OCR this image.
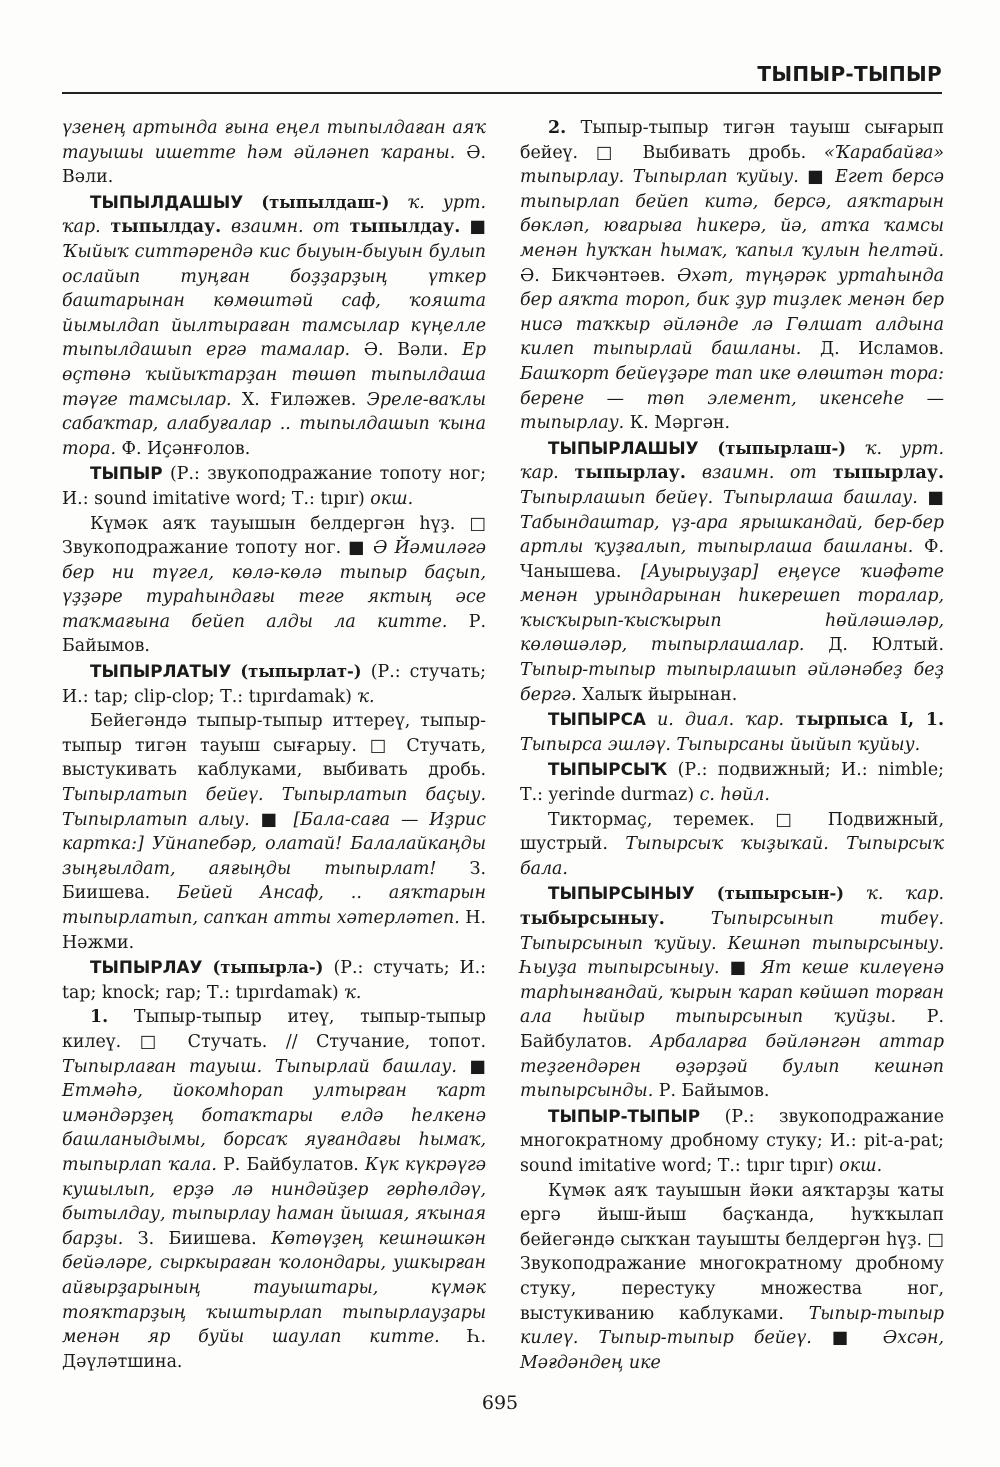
ТЫПЫР-ТЫПЫР

үзенең артында ғына еңел тыпылдаған аяҡ тауышы ишетте һәм әйләнеп ҡараны. Ә. Вәли.

ТЫПЫЛДАШЫУ (тыпылдаш-) ҡ. урт. ҡар. тыпылдау. взаимн. от тыпылдау. ■ Ҡыйыҡ ситтәрендә кис быуын-быуын булып ослайып туңған боҙҙарҙың үткер баштарынан көмөштәй саф, ҡояшта йымылдап йылтыраған тамсылар күңелле тыпылдашып ергә тамалар. Ә. Вәли. Ер өҫтөнә ҡыйыҡтарҙан төшөп тыпылдаша тәүге тамсылар. Х. Ғиләжев. Эреле-ваҡлы сабаҡтар, алабуғалар .. тыпылдашып ҡына тора. Ф. Иҫәнғолов.

ТЫПЫР (Р.: звукоподражание топоту ног; И.: sound imitative word; Т.: tıpır) окш.

Күмәк аяҡ тауышын белдергән һүҙ. □ Звукоподражание топоту ног. ■ Ә Йәмиләгә бер ни түгел, көлә-көлә тыпыр баҫып, үҙҙәре тураһындағы теге яктың әсе таҡмағына бейеп алды ла китте. Р. Байымов.

ТЫПЫРЛАТЫУ (тыпырлат-) (Р.: стучать; И.: tap; clip-clop; Т.: tıpırdamak) ҡ.

Бейегәндә тыпыр-тыпыр иттереү, тыпыр-тыпыр тигән тауыш сығарыу. □ Стучать, выстукивать каблуками, выбивать дробь. Тыпырлатып бейеү. Тыпырлатып баҫыу. Тыпырлатып алыу. ■ [Бала-саға — Иҙрис картка:] Уйнапебәр, олатай! Балалайкаңды зыңғылдат, аяғыңды тыпырлат! З. Биишева. Бейей Ансаф, .. аяҡтарын тыпырлатып, сапҡан атты хәтерләтеп. Н. Нәжми.

ТЫПЫРЛАУ (тыпырла-) (Р.: стучать; И.: tap; knock; rap; Т.: tıpırdamak) ҡ.

1. Тыпыр-тыпыр итеү, тыпыр-тыпыр килеү. □ Стучать. // Стучание, топот. Тыпырлаған тауыш. Тыпырлай башлау. ■ Етмәһә, йокомһорап ултырған ҡарт имәндәрҙең ботаҡтары елдә һелкенә башланыдымы, борсаҡ яуғандағы һымаҡ, тыпырлап ҡала. Р. Байбулатов. Күк күкрәүгә кушылып, ерҙә лә ниндәйҙер гөрһөлдәү, бытылдау, тыпырлау һаман йышая, яҡыная барҙы. З. Биишева. Көтөүҙең кешнәшкән бейәләре, сыркыраған ҡолондары, ушкырған айғырҙарының тауыштары, күмәк тояҡтарҙың ҡыштырлап тыпырлауҙары менән яр буйы шаулап китте. Һ. Дәүләтшина.

2. Тыпыр-тыпыр тигән тауыш сығарып бейеү. □ Выбивать дробь. «Ҡарабайға» тыпырлау. Тыпырлап ҡуйыу. ■ Егет берсә тыпырлап бейеп китә, берсә, аяҡтарын бөкләп, юғарыға һикерә, йә, атҡа ҡамсы менән һуҡҡан һымаҡ, ҡапыл ҡулын һелтәй. Ә. Бикчәнтәев. Әхәт, түңәрәк уртаһында бер аяҡта тороп, бик ҙур тиҙлек менән бер нисә таҡкыр әйләнде лә Гөлшат алдына килеп тыпырлай башланы. Д. Исламов. Башҡорт бейеүҙәре тап ике өлөштән тора: берене — төп элемент, икенсеһе — тыпырлау. К. Мәргән.

ТЫПЫРЛАШЫУ (тыпырлаш-) ҡ. урт. ҡар. тыпырлау. взаимн. от тыпырлау. Тыпырлашып бейеү. Тыпырлаша башлау. ■ Табындаштар, үҙ-ара ярышкандай, бер-бер артлы ҡуҙғалып, тыпырлаша башланы. Ф. Чанышева. [Ауырыуҙар] еңеүсе ҡиәфәте менән урындарынан һикерешеп торалар, ҡысҡырып-ҡысҡырып һөйләшәләр, көлөшәләр, тыпырлашалар. Д. Юлтый. Тыпыр-тыпыр тыпырлашып әйләнәбеҙ беҙ бергә. Халыҡ йырынан.

ТЫПЫРСА и. диал. ҡар. тырпыса I, 1. Тыпырса эшләү. Тыпырсаны йыйып ҡуйыу.

ТЫПЫРСЫҠ (Р.: подвижный; И.: nimble; Т.: yerinde durmaz) с. һөйл.

Тиктормаҫ, теремек. □ Подвижный, шустрый. Тыпырсыҡ ҡыҙыҡай. Тыпырсыҡ бала.

ТЫПЫРСЫНЫУ (тыпырсын-) ҡ. ҡар. тыбырсыныу.	Тыпырсынып тибеү. Тыпырсынып ҡуйыу. Кешнәп тыпырсыныу. Һыуҙа тыпырсыныу. ■ Ят кеше килеүенә тарһынғандай, ҡырын ҡарап көйшәп торған ала һыйыр тыпырсынып ҡуйҙы. Р. Байбулатов. Арбаларға бәйләнгән аттар теҙгендәрен өҙәрҙәй булып кешнәп тыпырсынды. Р. Байымов.

ТЫПЫР-ТЫПЫР (Р.: звукоподражание многократному дробному стуку; И.: pit-a-pat; sound imitative word; Т.: tıpır tıpır) окш.

Күмәк аяҡ тауышын йәки аяҡтарҙы ҡаты ергә йыш-йыш баҫҡанда, һуҡҡылап бейегәндә сыҡҡан тауышты белдергән һүҙ. □ Звукоподражание многократному дробному стуку, перестуку множества ног, выстукиванию каблуками. Тыпыр-тыпыр килеү. Тыпыр-тыпыр бейеү. ■ Әхсән, Мәғдәндең ике

695
